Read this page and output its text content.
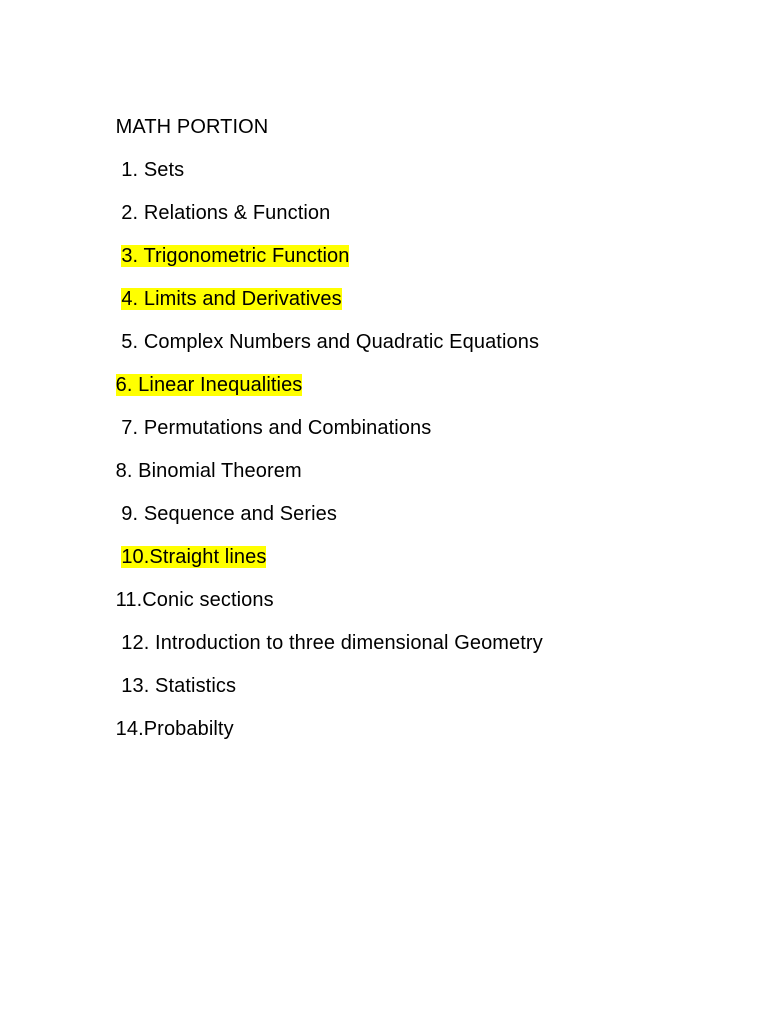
MATH PORTION

1. Sets

2. Relations & Function

3. Trigonometric Function

4. Limits and Derivatives

5. Complex Numbers and Quadratic Equations

6. Linear Inequalities

7. Permutations and Combinations

8. Binomial Theorem

9. Sequence and Series

10.Straight lines

11.Conic sections

12. Introduction to three dimensional Geometry

13. Statistics

14.Probabilty
